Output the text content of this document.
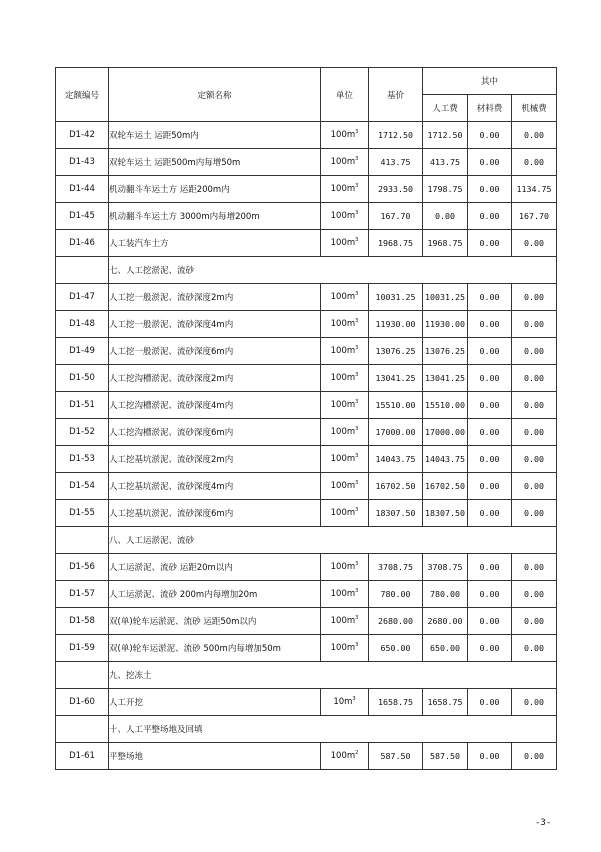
定额编号	定额名称	单位	基价	其中		
				人工费	材料费	机械费
D1-42	双轮车运土 运距50m内	$100m^3$	1712.50	1712.50	0.00	0.00
D1-43	双轮车运土 运距500m内每增50m	$100m^3$	413.75	413.75	0.00	0.00
D1-44	机动翻斗车运土方 运距200m内	$100m^3$	2933.50	1798.75	0.00	1134.75
D1-45	机动翻斗车运土方 3000m内每增200m	$100m^3$	167.70	0.00	0.00	167.70
D1-46	人工装汽车土方	$100m^3$	1968.75	1968.75	0.00	0.00
	七、人工挖淤泥、流砂					
D1-47	人工挖一般淤泥、流砂深度2m内	$100m^3$	10031.25	10031.25	0.00	0.00
D1-48	人工挖一般淤泥、流砂深度4m内	$100m^3$	11930.00	11930.00	0.00	0.00
D1-49	人工挖一般淤泥、流砂深度6m内	$100m^3$	13076.25	13076.25	0.00	0.00
D1-50	人工挖沟槽淤泥、流砂深度2m内	$100m^3$	13041.25	13041.25	0.00	0.00
D1-51	人工挖沟槽淤泥、流砂深度4m内	$100m^3$	15510.00	15510.00	0.00	0.00
D1-52	人工挖沟槽淤泥、流砂深度6m内	$100m^3$	17000.00	17000.00	0.00	0.00
D1-53	人工挖基坑淤泥、流砂深度2m内	$100m^3$	14043.75	14043.75	0.00	0.00
D1-54	人工挖基坑淤泥、流砂深度4m内	$100m^3$	16702.50	16702.50	0.00	0.00
D1-55	人工挖基坑淤泥、流砂深度6m内	$100m^3$	18307.50	18307.50	0.00	0.00
	八、人工运淤泥、流砂					
D1-56	人工运淤泥、流砂 运距20m以内	$100m^3$	3708.75	3708.75	0.00	0.00
D1-57	人工运淤泥、流砂 200m内每增加20m	$100m^3$	780.00	780.00	0.00	0.00
D1-58	双(单)轮车运淤泥、流砂 运距50m以内	$100m^3$	2680.00	2680.00	0.00	0.00
D1-59	双(单)轮车运淤泥、流砂 500m内每增加50m	$100m^3$	650.00	650.00	0.00	0.00
	九、挖冻土					
D1-60	人工开挖	$10m^3$	1658.75	1658.75	0.00	0.00
	十、人工平整场地及回填					
D1-61	平整场地	$100m^2$	587.50	587.50	0.00	0.00
-3-
